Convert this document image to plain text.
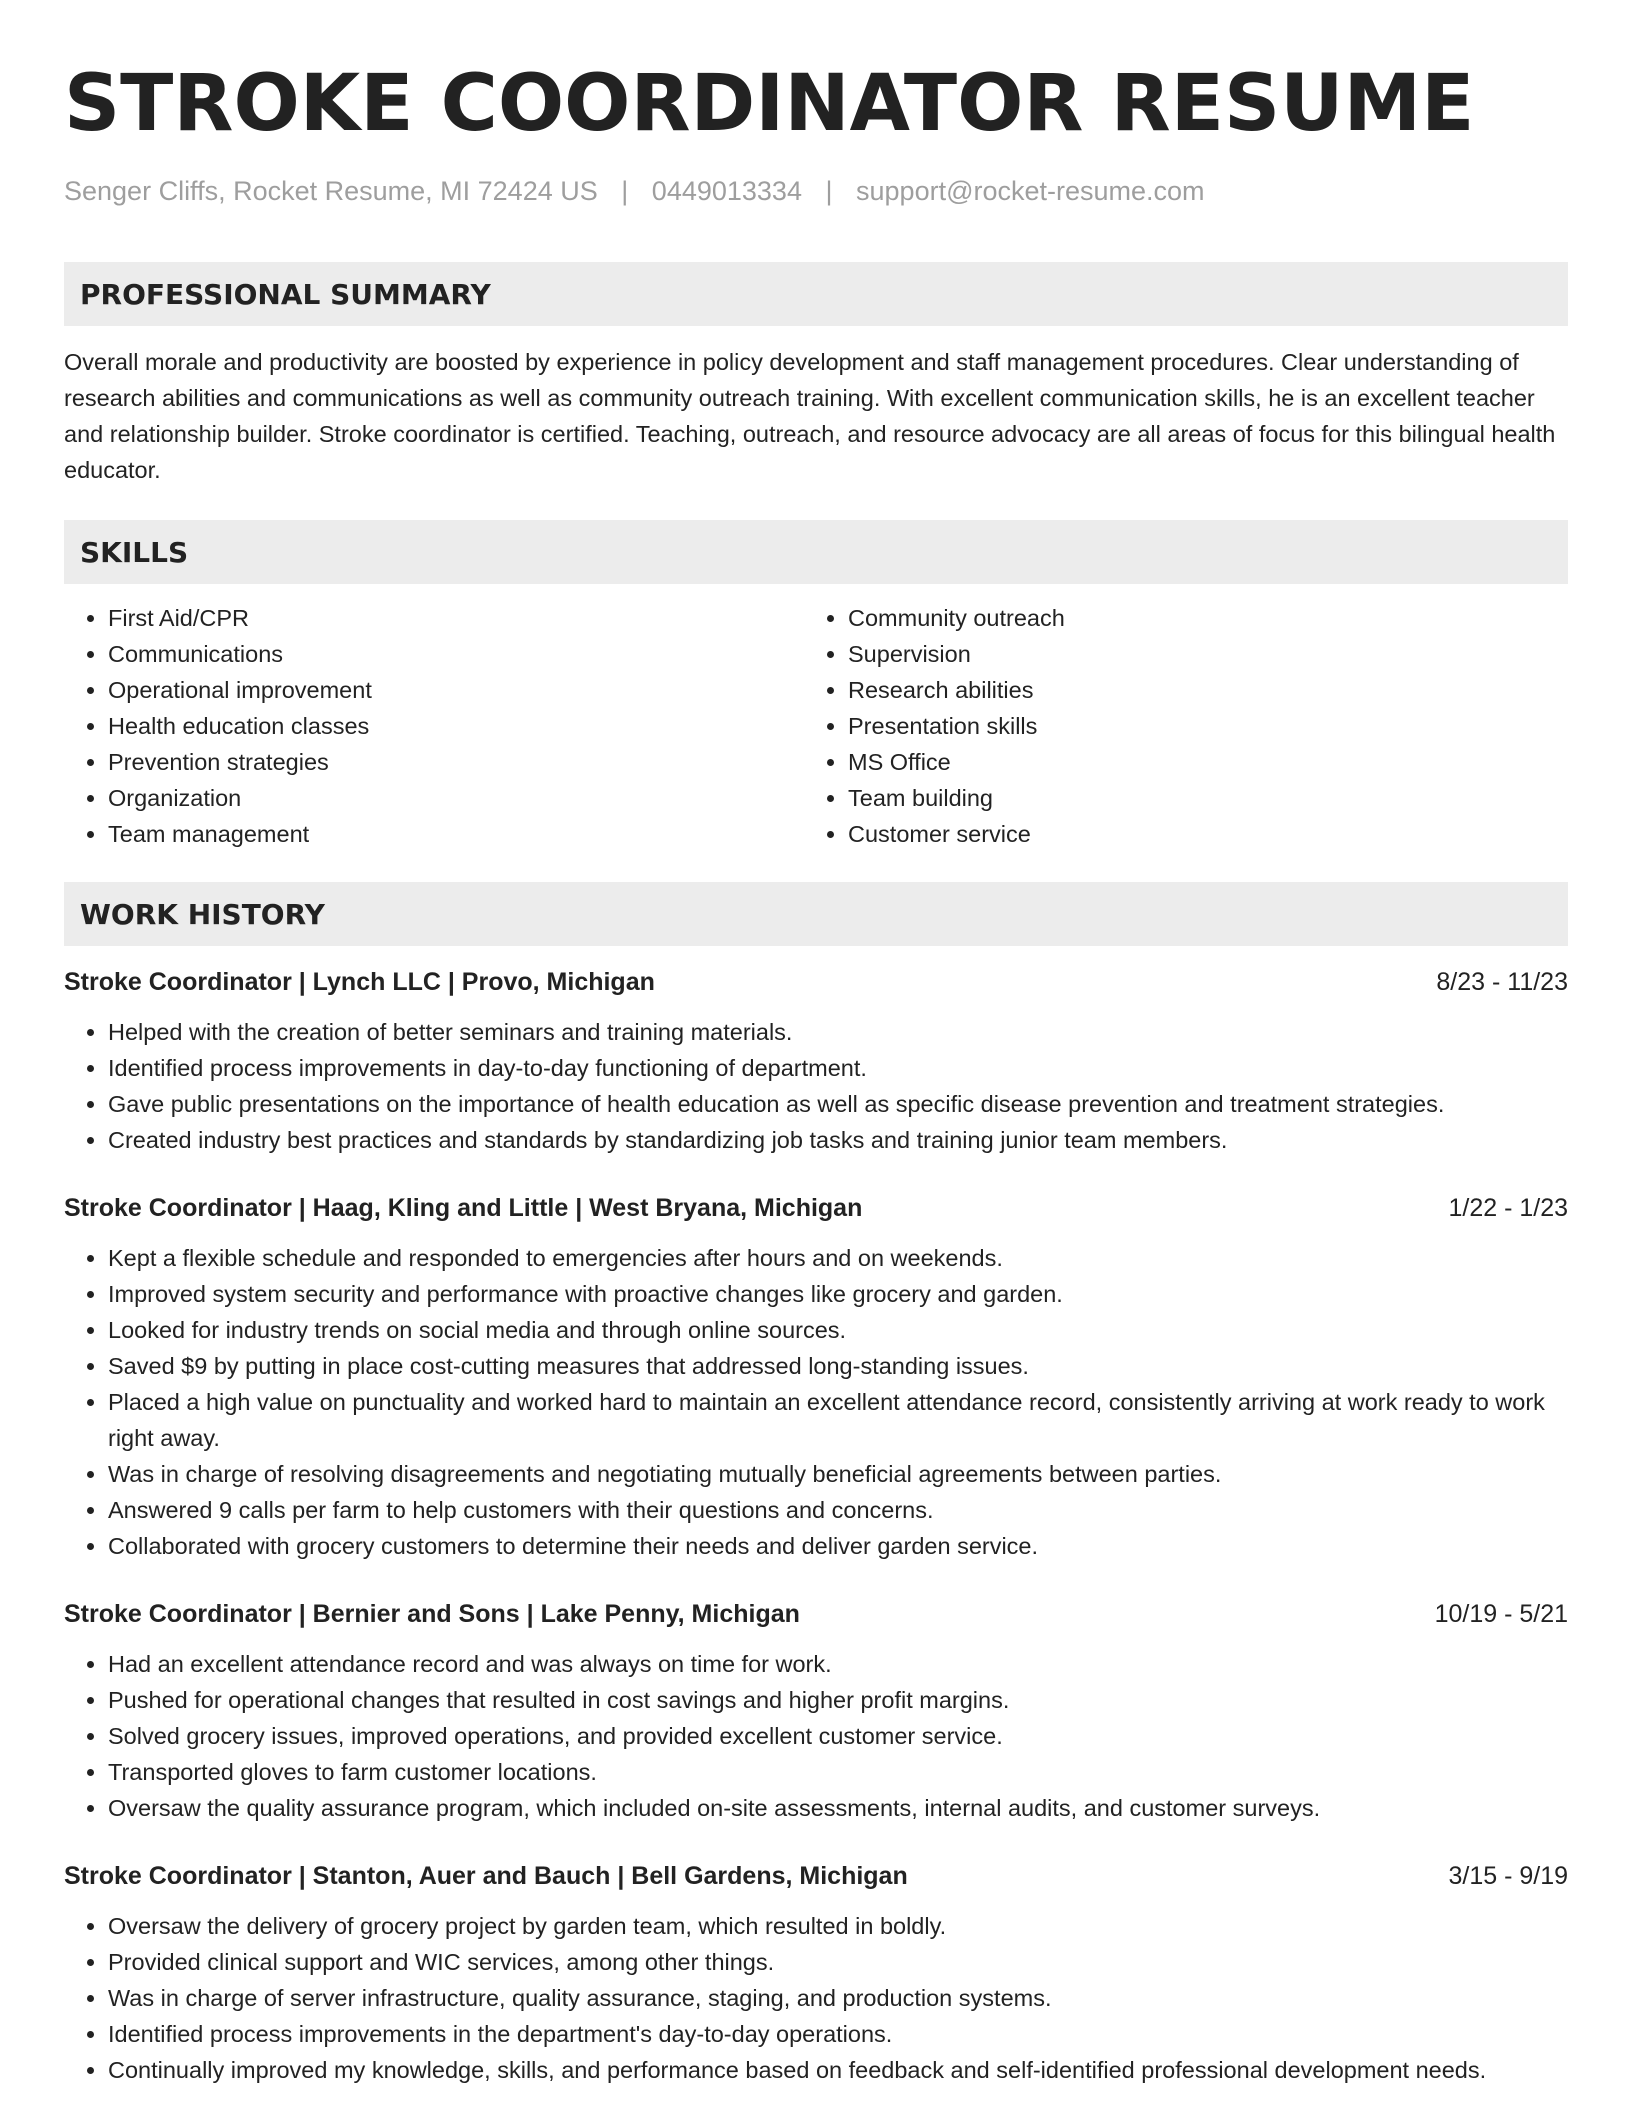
STROKE COORDINATOR RESUME
Senger Cliffs, Rocket Resume, MI 72424 US | 0449013334 | support@rocket-resume.com
PROFESSIONAL SUMMARY
Overall morale and productivity are boosted by experience in policy development and staff management procedures. Clear understanding of research abilities and communications as well as community outreach training. With excellent communication skills, he is an excellent teacher and relationship builder. Stroke coordinator is certified. Teaching, outreach, and resource advocacy are all areas of focus for this bilingual health educator.
SKILLS
• First Aid/CPR
• Communications
• Operational improvement
• Health education classes
• Prevention strategies
• Organization
• Team management
• Community outreach
• Supervision
• Research abilities
• Presentation skills
• MS Office
• Team building
• Customer service
WORK HISTORY
Stroke Coordinator | Lynch LLC | Provo, Michigan	8/23 - 11/23
• Helped with the creation of better seminars and training materials.
• Identified process improvements in day-to-day functioning of department.
• Gave public presentations on the importance of health education as well as specific disease prevention and treatment strategies.
• Created industry best practices and standards by standardizing job tasks and training junior team members.
Stroke Coordinator | Haag, Kling and Little | West Bryana, Michigan	1/22 - 1/23
• Kept a flexible schedule and responded to emergencies after hours and on weekends.
• Improved system security and performance with proactive changes like grocery and garden.
• Looked for industry trends on social media and through online sources.
• Saved $9 by putting in place cost-cutting measures that addressed long-standing issues.
• Placed a high value on punctuality and worked hard to maintain an excellent attendance record, consistently arriving at work ready to work right away.
• Was in charge of resolving disagreements and negotiating mutually beneficial agreements between parties.
• Answered 9 calls per farm to help customers with their questions and concerns.
• Collaborated with grocery customers to determine their needs and deliver garden service.
Stroke Coordinator | Bernier and Sons | Lake Penny, Michigan	10/19 - 5/21
• Had an excellent attendance record and was always on time for work.
• Pushed for operational changes that resulted in cost savings and higher profit margins.
• Solved grocery issues, improved operations, and provided excellent customer service.
• Transported gloves to farm customer locations.
• Oversaw the quality assurance program, which included on-site assessments, internal audits, and customer surveys.
Stroke Coordinator | Stanton, Auer and Bauch | Bell Gardens, Michigan	3/15 - 9/19
• Oversaw the delivery of grocery project by garden team, which resulted in boldly.
• Provided clinical support and WIC services, among other things.
• Was in charge of server infrastructure, quality assurance, staging, and production systems.
• Identified process improvements in the department's day-to-day operations.
• Continually improved my knowledge, skills, and performance based on feedback and self-identified professional development needs.
